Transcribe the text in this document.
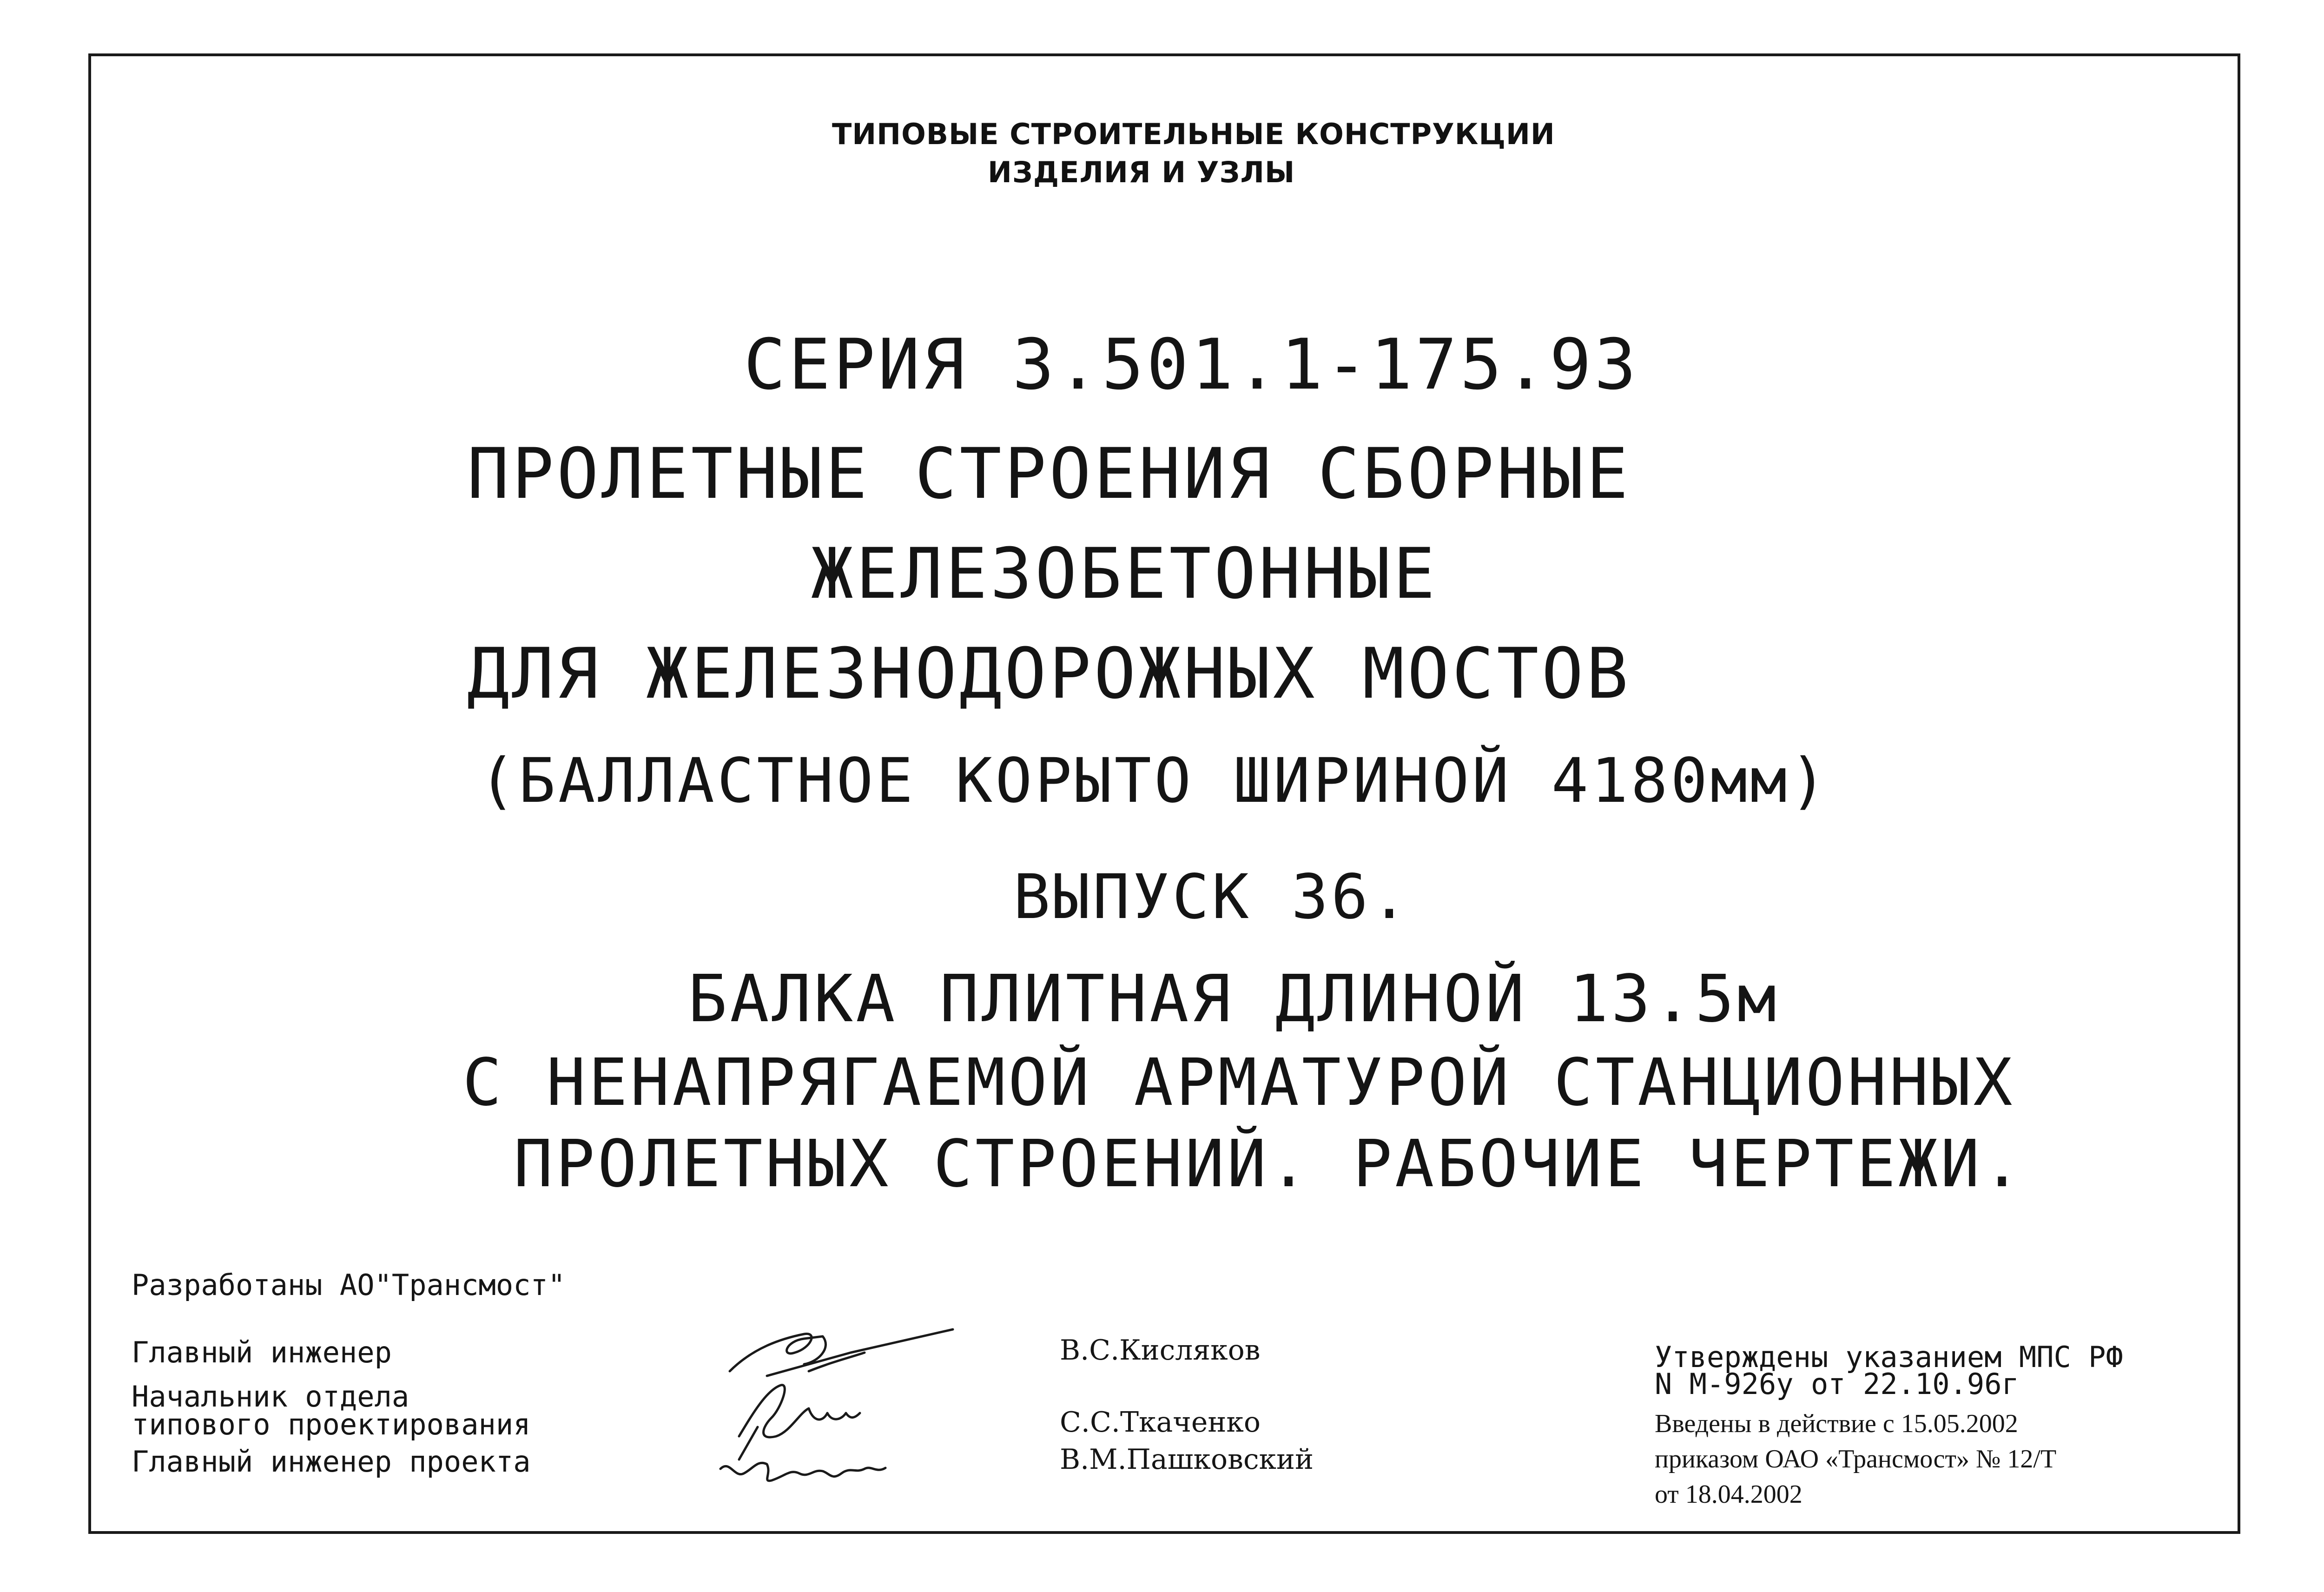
ТИПОВЫЕ СТРОИТЕЛЬНЫЕ КОНСТРУКЦИИ
ИЗДЕЛИЯ И УЗЛЫ
СЕРИЯ 3.501.1-175.93
ПРОЛЕТНЫЕ СТРОЕНИЯ СБОРНЫЕ
ЖЕЛЕЗОБЕТОННЫЕ
ДЛЯ ЖЕЛЕЗНОДОРОЖНЫХ МОСТОВ
(БАЛЛАСТНОЕ КОРЫТО ШИРИНОЙ 4180мм)
ВЫПУСК 36.
БАЛКА ПЛИТНАЯ ДЛИНОЙ 13.5м
С НЕНАПРЯГАЕМОЙ АРМАТУРОЙ СТАНЦИОННЫХ
ПРОЛЕТНЫХ СТРОЕНИЙ. РАБОЧИЕ ЧЕРТЕЖИ.
Разработаны АО"Трансмост"
Главный инженер
Начальник отдела
типового проектирования
Главный инженер проекта
В.С.Кисляков
С.С.Ткаченко
В.М.Пашковский
Утверждены указанием МПС РФ
N М-926у от 22.10.96г
Введены в действие с 15.05.2002
приказом ОАО «Трансмост» № 12/Т
от 18.04.2002
